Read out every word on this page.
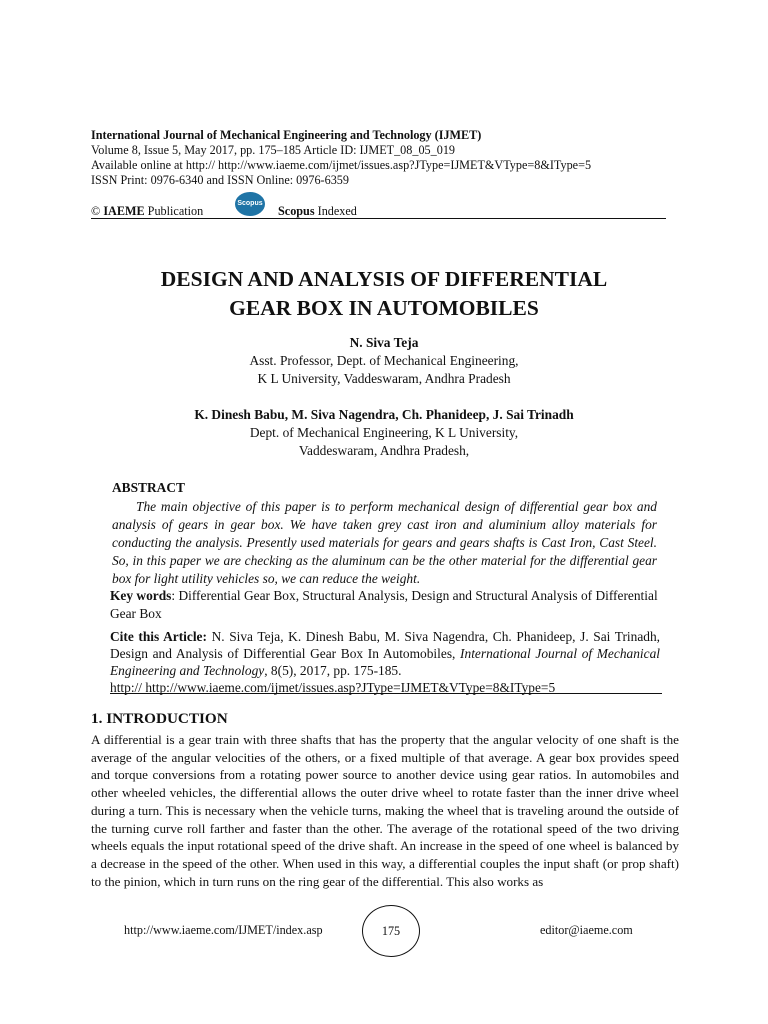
International Journal of Mechanical Engineering and Technology (IJMET)
Volume 8, Issue 5, May 2017, pp. 175–185 Article ID: IJMET_08_05_019
Available online at http:// http://www.iaeme.com/ijmet/issues.asp?JType=IJMET&VType=8&IType=5
ISSN Print: 0976-6340 and ISSN Online: 0976-6359
© IAEME Publication
Scopus
Scopus Indexed
DESIGN AND ANALYSIS OF DIFFERENTIAL
GEAR BOX IN AUTOMOBILES
N. Siva Teja
Asst. Professor, Dept. of Mechanical Engineering,
K L University, Vaddeswaram, Andhra Pradesh
K. Dinesh Babu, M. Siva Nagendra, Ch. Phanideep, J. Sai Trinadh
Dept. of Mechanical Engineering, K L University,
Vaddeswaram, Andhra Pradesh,
ABSTRACT
The main objective of this paper is to perform mechanical design of differential gear box and analysis of gears in gear box. We have taken grey cast iron and aluminium alloy materials for conducting the analysis. Presently used materials for gears and gears shafts is Cast Iron, Cast Steel. So, in this paper we are checking as the aluminum can be the other material for the differential gear box for light utility vehicles so, we can reduce the weight.
Key words: Differential Gear Box, Structural Analysis, Design and Structural Analysis of Differential Gear Box
Cite this Article: N. Siva Teja, K. Dinesh Babu, M. Siva Nagendra, Ch. Phanideep, J. Sai Trinadh, Design and Analysis of Differential Gear Box In Automobiles, International Journal of Mechanical Engineering and Technology, 8(5), 2017, pp. 175-185.
http:// http://www.iaeme.com/ijmet/issues.asp?JType=IJMET&VType=8&IType=5
1. INTRODUCTION
A differential is a gear train with three shafts that has the property that the angular velocity of one shaft is the average of the angular velocities of the others, or a fixed multiple of that average. A gear box provides speed and torque conversions from a rotating power source to another device using gear ratios. In automobiles and other wheeled vehicles, the differential allows the outer drive wheel to rotate faster than the inner drive wheel during a turn. This is necessary when the vehicle turns, making the wheel that is traveling around the outside of the turning curve roll farther and faster than the other. The average of the rotational speed of the two driving wheels equals the input rotational speed of the drive shaft. An increase in the speed of one wheel is balanced by a decrease in the speed of the other. When used in this way, a differential couples the input shaft (or prop shaft) to the pinion, which in turn runs on the ring gear of the differential. This also works as
http://www.iaeme.com/IJMET/index.asp	175	editor@iaeme.com
